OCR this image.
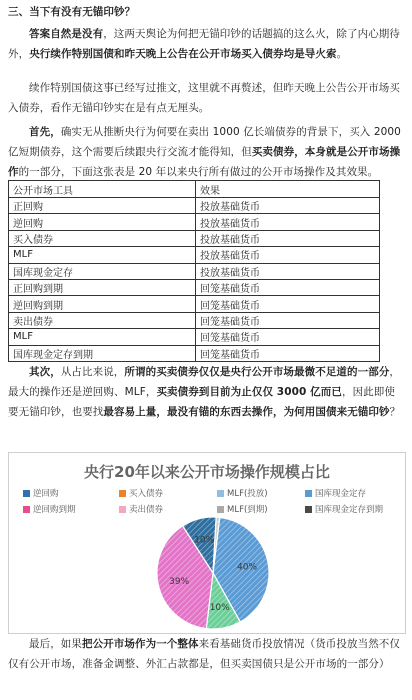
三、当下有没有无锚印钞？

答案自然是没有，这两天舆论为何把无锚印钞的话题搞的这么火，除了内心期待外，央行续作特别国债和昨天晚上公告在公开市场买入债券均是导火索。

续作特别国债这事已经写过推文，这里就不再赘述，但昨天晚上公告公开市场买入债券，看作无锚印钞实在是有点无厘头。

首先，确实无从推断央行为何要在卖出 1000 亿长端债券的背景下，买入 2000 亿短期债券，这个需要后续跟央行交流才能得知，但买卖债券，本身就是公开市场操作的一部分，下面这张表是 20 年以来央行所有做过的公开市场操作及其效果。

公开市场工具	效果
正回购	投放基础货币
逆回购	投放基础货币
买入债券	投放基础货币
MLF	投放基础货币
国库现金定存	投放基础货币
正回购到期	回笼基础货币
逆回购到期	回笼基础货币
卖出债券	回笼基础货币
MLF	回笼基础货币
国库现金定存到期	回笼基础货币

其次，从占比来说，所谓的买卖债券仅仅是央行公开市场最微不足道的一部分，最大的操作还是逆回购、MLF，买卖债券到目前为止仅仅 3000 亿而已，因此即使要无锚印钞，也要找最容易上量，最没有锚的东西去操作，为何用国债来无锚印钞？

央行20年以来公开市场操作规模占比
逆回购	买入债券	MLF(投放)	国库现金定存
逆回购到期	卖出债券	MLF(到期)	国库现金定存到期
40%
10%
39%
10%

最后，如果把公开市场作为一个整体来看基础货币投放情况（货币投放当然不仅仅有公开市场，准备金调整、外汇占款都是，但买卖国债只是公开市场的一部分）
